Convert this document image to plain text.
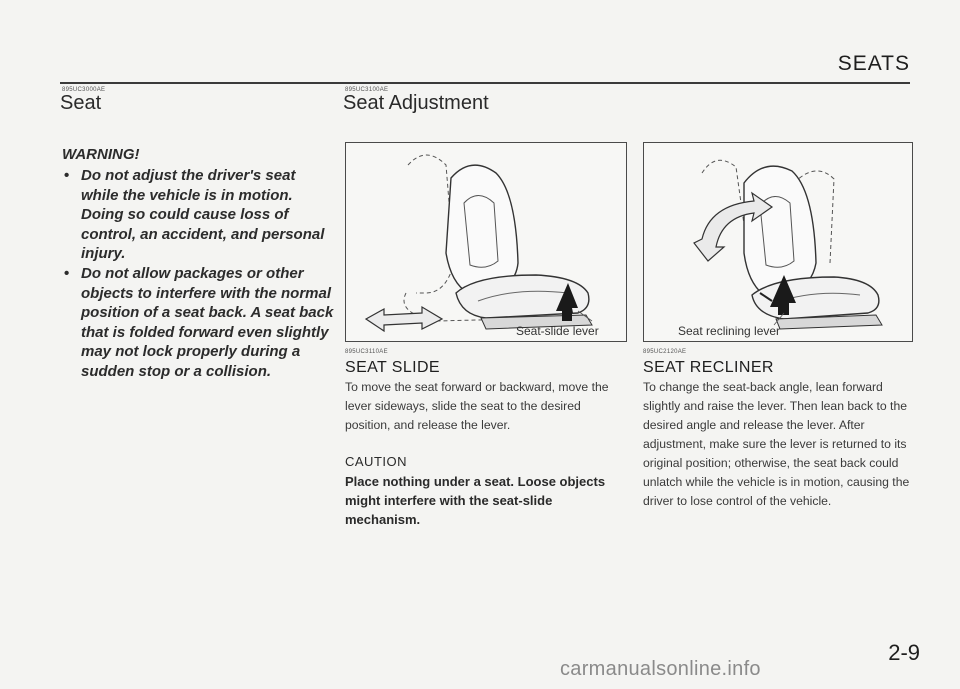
SEATS
895UC3000AE
Seat
WARNING!
• Do not adjust the driver's seat while the vehicle is in motion. Doing so could cause loss of control, an accident, and personal injury.
• Do not allow packages or other objects to interfere with the normal position of a seat back. A seat back that is folded forward even slightly may not lock properly during a sudden stop or a collision.
895UC3100AE
Seat Adjustment
Seat-slide lever	Seat reclining lever
895UC3110AE
SEAT SLIDE
To move the seat forward or backward, move the lever sideways, slide the seat to the desired position, and release the lever.
CAUTION
Place nothing under a seat. Loose objects might interfere with the seat-slide mechanism.
895UC2120AE
SEAT RECLINER
To change the seat-back angle, lean forward slightly and raise the lever. Then lean back to the desired angle and release the lever. After adjustment, make sure the lever is returned to its original position; otherwise, the seat back could unlatch while the vehicle is in motion, causing the driver to lose control of the vehicle.
2-9
carmanualsonline.info
